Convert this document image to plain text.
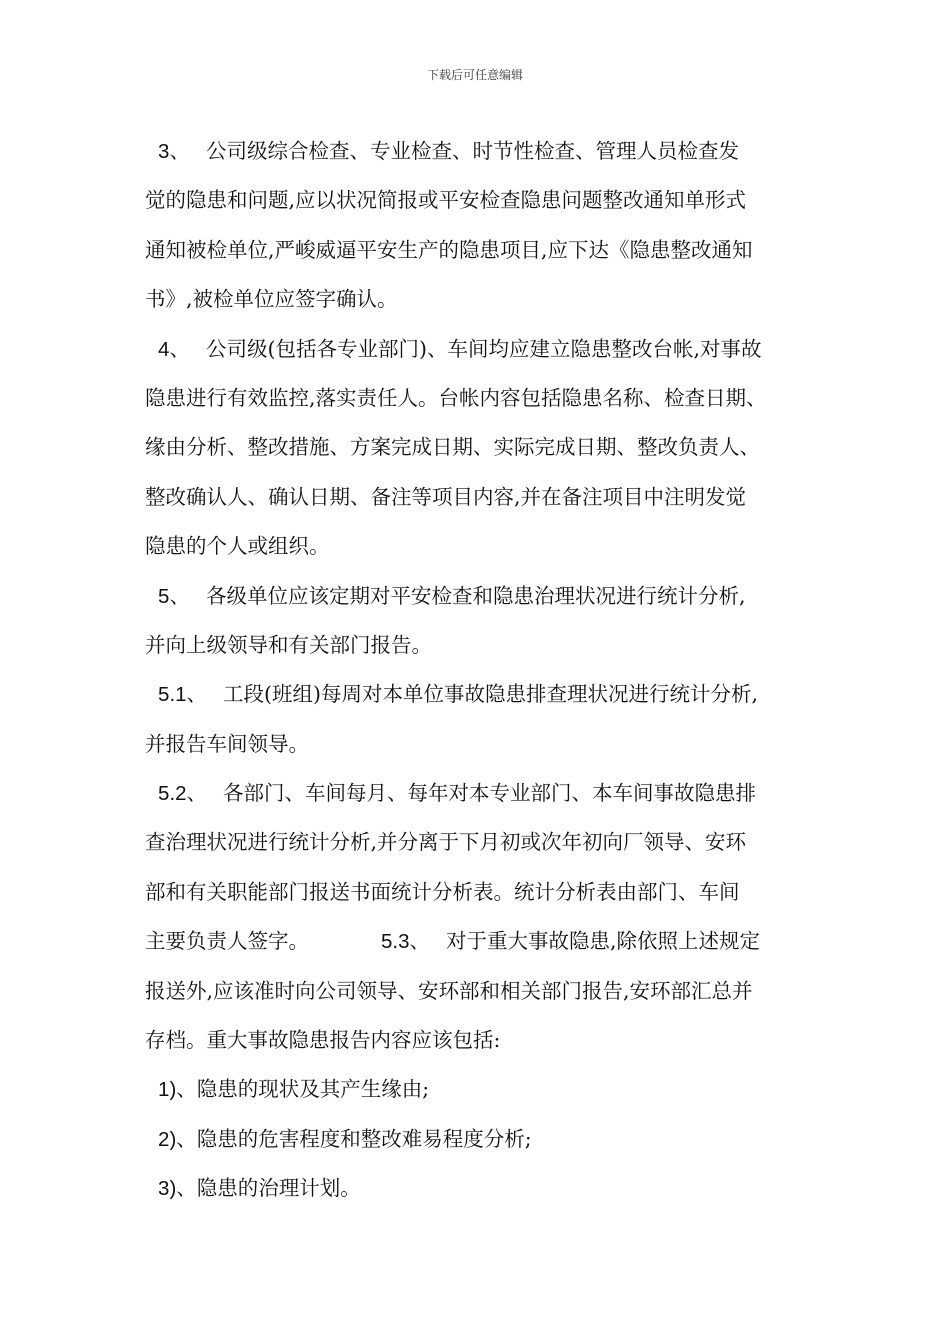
下载后可任意编辑
3、 公司级综合检查、专业检查、时节性检查、管理人员检查发
觉的隐患和问题,应以状况简报或平安检查隐患问题整改通知单形式
通知被检单位,严峻威逼平安生产的隐患项目,应下达《隐患整改通知
书》,被检单位应签字确认。
4、 公司级(包括各专业部门)、车间均应建立隐患整改台帐,对事故
隐患进行有效监控,落实责任人。台帐内容包括隐患名称、检查日期、
缘由分析、整改措施、方案完成日期、实际完成日期、整改负责人、
整改确认人、确认日期、备注等项目内容,并在备注项目中注明发觉
隐患的个人或组织。
5、 各级单位应该定期对平安检查和隐患治理状况进行统计分析,
并向上级领导和有关部门报告。
5.1、 工段(班组)每周对本单位事故隐患排查理状况进行统计分析,
并报告车间领导。
5.2、 各部门、车间每月、每年对本专业部门、本车间事故隐患排
查治理状况进行统计分析,并分离于下月初或次年初向厂领导、安环
部和有关职能部门报送书面统计分析表。统计分析表由部门、车间
主要负责人签字。	5.3、 对于重大事故隐患,除依照上述规定
报送外,应该准时向公司领导、安环部和相关部门报告,安环部汇总并
存档。重大事故隐患报告内容应该包括:
1)、隐患的现状及其产生缘由;
2)、隐患的危害程度和整改难易程度分析;
3)、隐患的治理计划。
